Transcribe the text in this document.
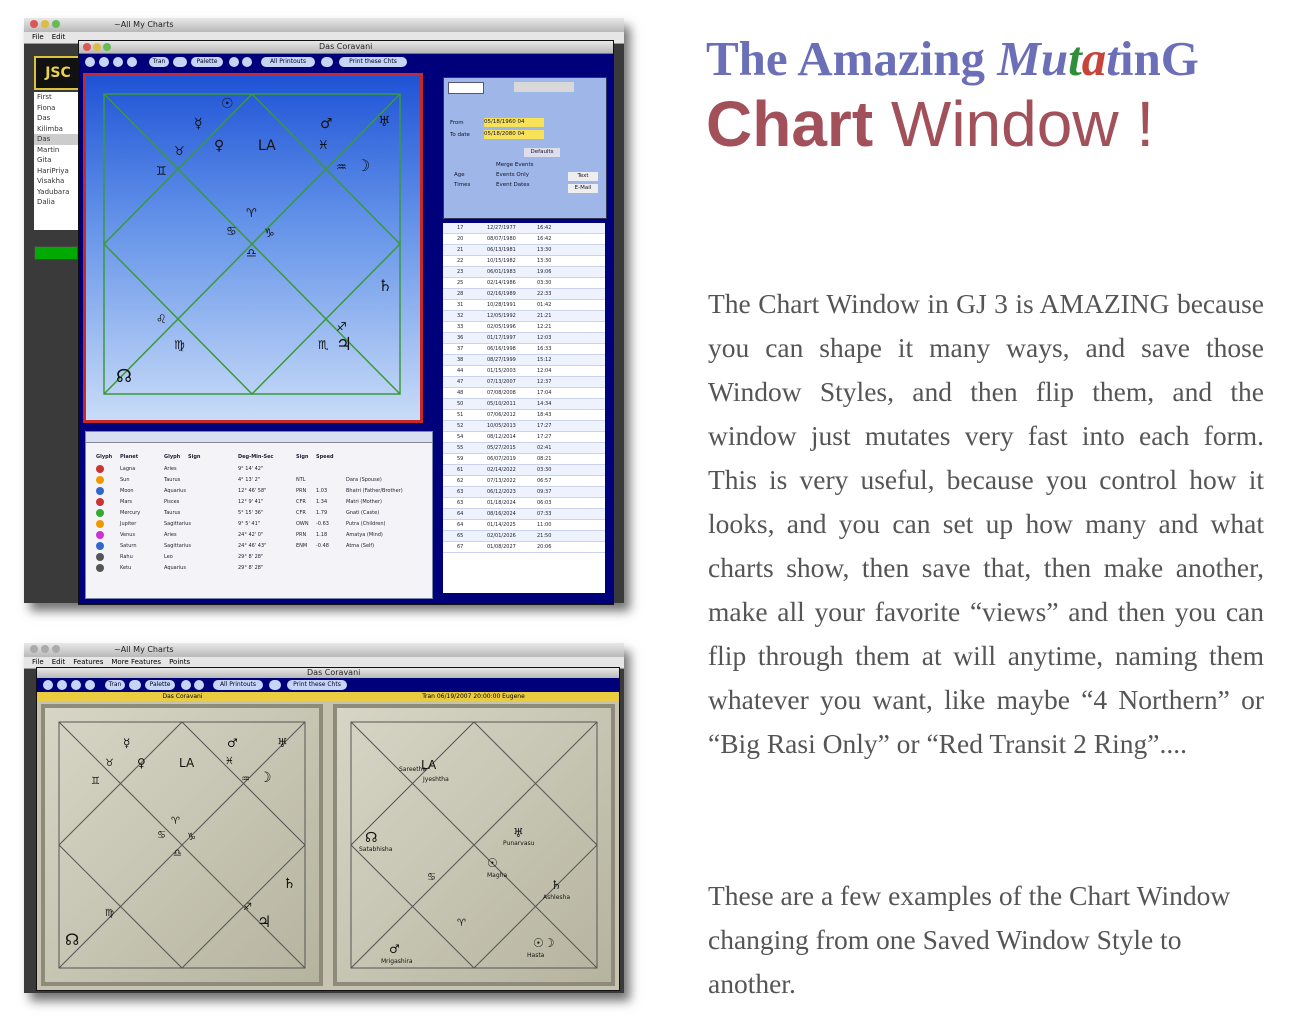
~All My Charts
File Edit
JSC
First
Fiona
Das
Kilimba
Das
Martin
Gita
HariPriya
Visakha
Yadubara
Dalia
Das Coravani
Tran	Palette	All Printouts	Print these Chts
☉
☿	♂	♅
♉ ♀ LA	♓
♒ ☽
♊
♈
♋ ♑
♎
♄
♌
♐
♍	♏ ♃
☊
From	05/18/1960 04
To date	05/18/2080 04
Defaults
Merge Events
Events Only
Event Dates
Age
Times
Text
E-Mail
17	12/27/1977	16:42
20	08/07/1980	16:42
21	06/13/1981	13:30
22	10/15/1982	13:30
23	06/01/1983	19:06
25	02/14/1986	03:30
28	02/16/1989	22:33
31	10/28/1991	01:42
32	12/05/1992	21:21
33	02/05/1996	12:21
36	01/17/1997	12:03
37	06/16/1998	16:33
38	08/27/1999	15:12
44	01/15/2003	12:04
47	07/13/2007	12:37
48	07/08/2008	17:04
50	05/10/2011	14:34
51	07/06/2012	18:43
52	10/05/2013	17:27
54	08/12/2014	17:27
55	05/27/2015	02:41
59	06/07/2019	08:21
61	02/14/2022	03:30
62	07/13/2022	06:57
63	06/12/2023	09:37
63	01/18/2024	06:03
64	08/16/2024	07:33
64	01/14/2025	11:00
65	02/01/2026	21:50
67	01/08/2027	20:06
Glyph Planet	Glyph Sign	Deg-Min-Sec	Sign Speed
Lagna	Aries	9° 14' 42"
Sun	Taurus	4° 13' 2"	NTL	Dara (Spouse)
Moon	Aquarius	12° 46' 58"	PRN 1.03	Bhatri (Father/Brother)
Mars	Pisces	12° 9' 41"	CFR 1.34	Matri (Mother)
Mercury	Taurus	5° 15' 36"	CFR 1.79	Gnati (Caste)
Jupiter	Sagittarius	9° 5' 41"	OWN -0.63	Putra (Children)
Venus	Aries	24° 42' 0"	PRN 1.18	Amatya (Mind)
Saturn	Sagittarius	24° 46' 43"	ENM -0.48	Atma (Self)
Rahu	Leo	29° 8' 28"
Ketu	Aquarius	29° 8' 28"
~All My Charts
File Edit Features More Features Points
Das Coravani
Tran	Palette	All Printouts	Print these Chts
Das Coravani	Tran 06/19/2007 20:00:00 Eugene
☿	♂	♅
♉ ♀	LA	♓
♊	♒ ☽
♈
♋ ♑
♎
♄
♍
♐
♃
☊
LA
Sareetha
Jyeshtha
☊
Satabhisha
♅
Punarvasu
☉
Magha
♄
Ashlesha
☉☽
Hasta
♂
Mrigashira
♈
♋
The Amazing MutatinG
Chart Window !

The Chart Window in GJ 3 is AMAZING because you can shape it many ways, and save those Window Styles, and then flip them, and the window just mutates very fast into each form. This is very useful, because you control how it looks, and you can set up how many and what charts show, then save that, then make another, make all your favorite “views” and then you can flip through them at will anytime, naming them whatever you want, like maybe “4 Northern” or “Big Rasi Only” or “Red Transit 2 Ring”....

These are a few examples of the Chart Window changing from one Saved Window Style to another.
